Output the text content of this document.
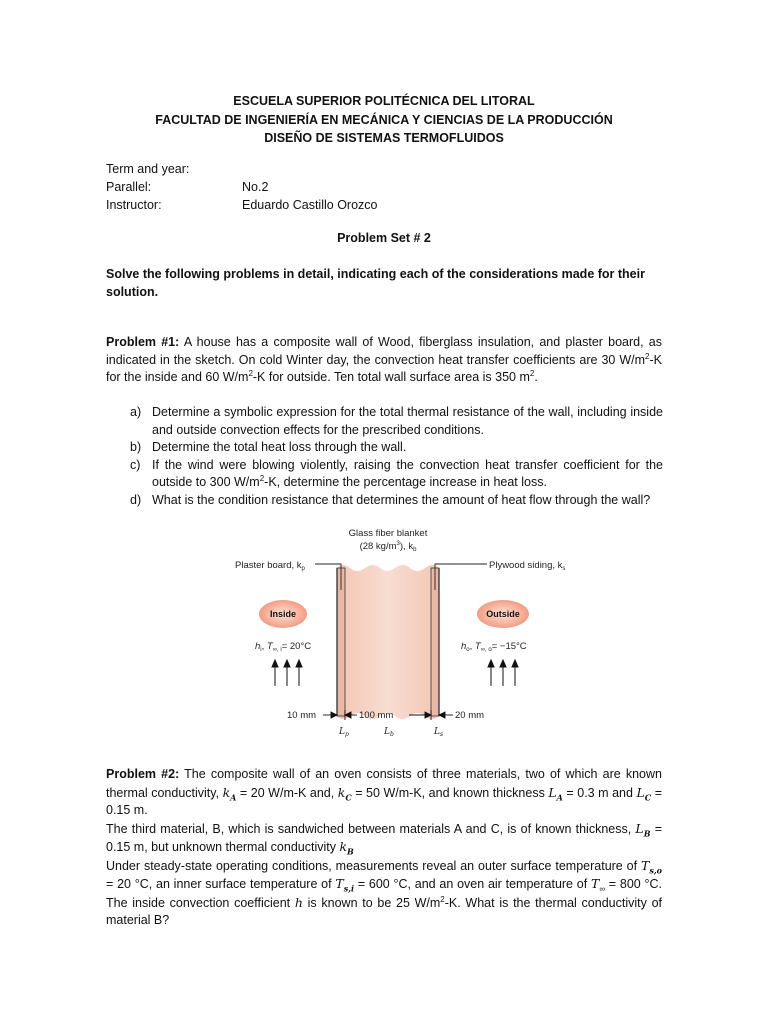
ESCUELA SUPERIOR POLITÉCNICA DEL LITORAL
FACULTAD DE INGENIERÍA EN MECÁNICA Y CIENCIAS DE LA PRODUCCIÓN
DISEÑO DE SISTEMAS TERMOFLUIDOS
Term and year:
Parallel:	No.2
Instructor:	Eduardo Castillo Orozco
Problem Set # 2
Solve the following problems in detail, indicating each of the considerations made for their solution.
Problem #1: A house has a composite wall of Wood, fiberglass insulation, and plaster board, as indicated in the sketch. On cold Winter day, the convection heat transfer coefficients are 30 $W/m^2-K$ for the inside and 60 $W/m^2-K$ for outside. Ten total wall surface area is 350 $m^2$.
a) Determine a symbolic expression for the total thermal resistance of the wall, including inside and outside convection effects for the prescribed conditions.
b) Determine the total heat loss through the wall.
c) If the wind were blowing violently, raising the convection heat transfer coefficient for the outside to 300 $W/m^2-K$, determine the percentage increase in heat loss.
d) What is the condition resistance that determines the amount of heat flow through the wall?
Glass fiber blanket
(28 $kg/m^3$), $k_b$
Plaster board, $k_p$	Plywood siding, $k_s$
Inside	Outside
$h_i$, $T_\infty$, i= 20°C	$h_o$, $T_\infty$, o= −15°C
10 mm	100 mm	20 mm
$L_p$	$L_b$	$L_s$
Problem #2: The composite wall of an oven consists of three materials, two of which are known thermal conductivity, $k_A = 20$ W/m-K and, $k_C = 50$ W/m-K, and known thickness $L_A = 0.3$ m and $L_C = 0.15$ m.
The third material, B, which is sandwiched between materials A and C, is of known thickness, $L_B = 0.15$ m, but unknown thermal conductivity $k_B$
Under steady-state operating conditions, measurements reveal an outer surface temperature of $T_{s,o} = 20$ °C, an inner surface temperature of $T_{s,i} = 600$ °C, and an oven air temperature of $T_\infty = 800$ °C. The inside convection coefficient h is known to be 25 $W/m^2-K$. What is the thermal conductivity of material B?
